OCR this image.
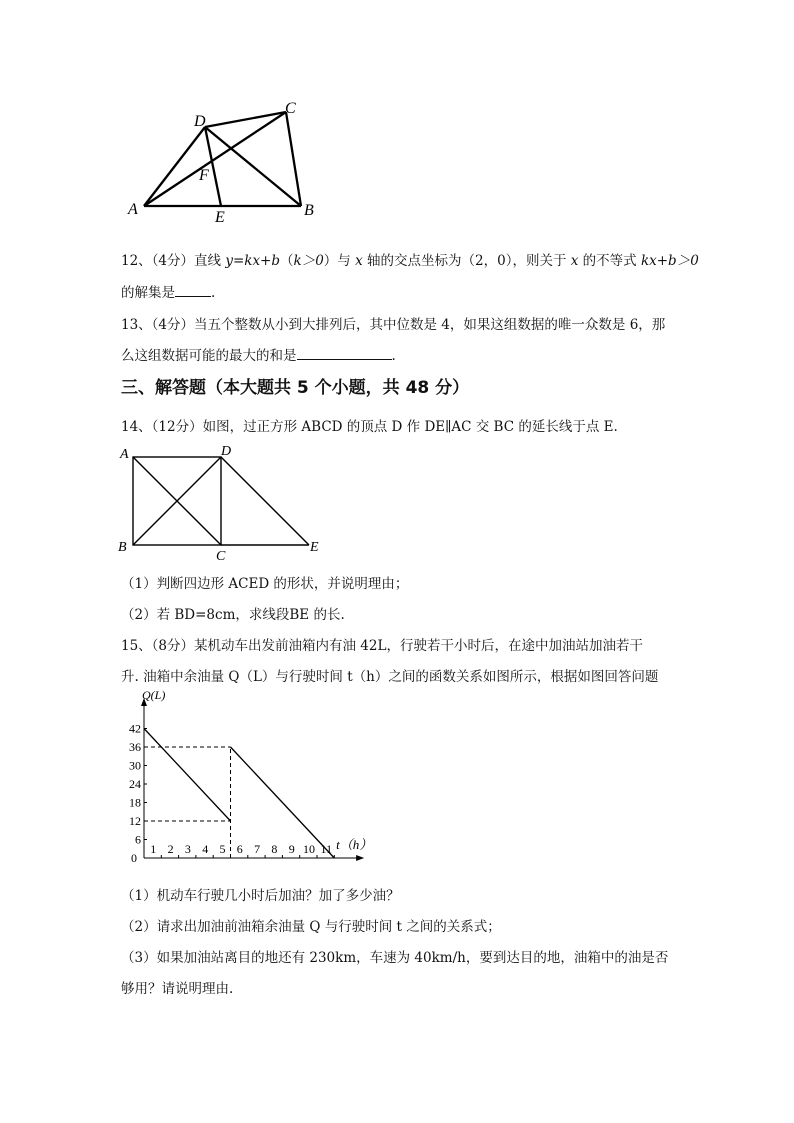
A	B
C
D
E
F
12、（4分）直线 y=kx+b（k＞0）与 x 轴的交点坐标为（2，0），则关于 x 的不等式 kx+b＞0
的解集是	.
13、（4分）当五个整数从小到大排列后，其中位数是 4，如果这组数据的唯一众数是 6，那
么这组数据可能的最大的和是	.
三、解答题（本大题共 5 个小题，共 48 分）
14、（12分）如图，过正方形 ABCD 的顶点 D 作 DE∥AC 交 BC 的延长线于点 E.
A	D
B
C
E
（1）判断四边形 ACED 的形状，并说明理由；
（2）若 BD=8cm，求线段BE 的长.
15、（8分）某机动车出发前油箱内有油 42L，行驶若干小时后，在途中加油站加油若干
升. 油箱中余油量 Q（L）与行驶时间 t（h）之间的函数关系如图所示，根据如图回答问题
6
12
18
24
30
36
42
1 2 3 4 5 6 7 8 9 10 11
Q(L)
t（h）
0
（1）机动车行驶几小时后加油？加了多少油？
（2）请求出加油前油箱余油量 Q 与行驶时间 t 之间的关系式；
（3）如果加油站离目的地还有 230km，车速为 40km/h，要到达目的地，油箱中的油是否
够用？请说明理由.
